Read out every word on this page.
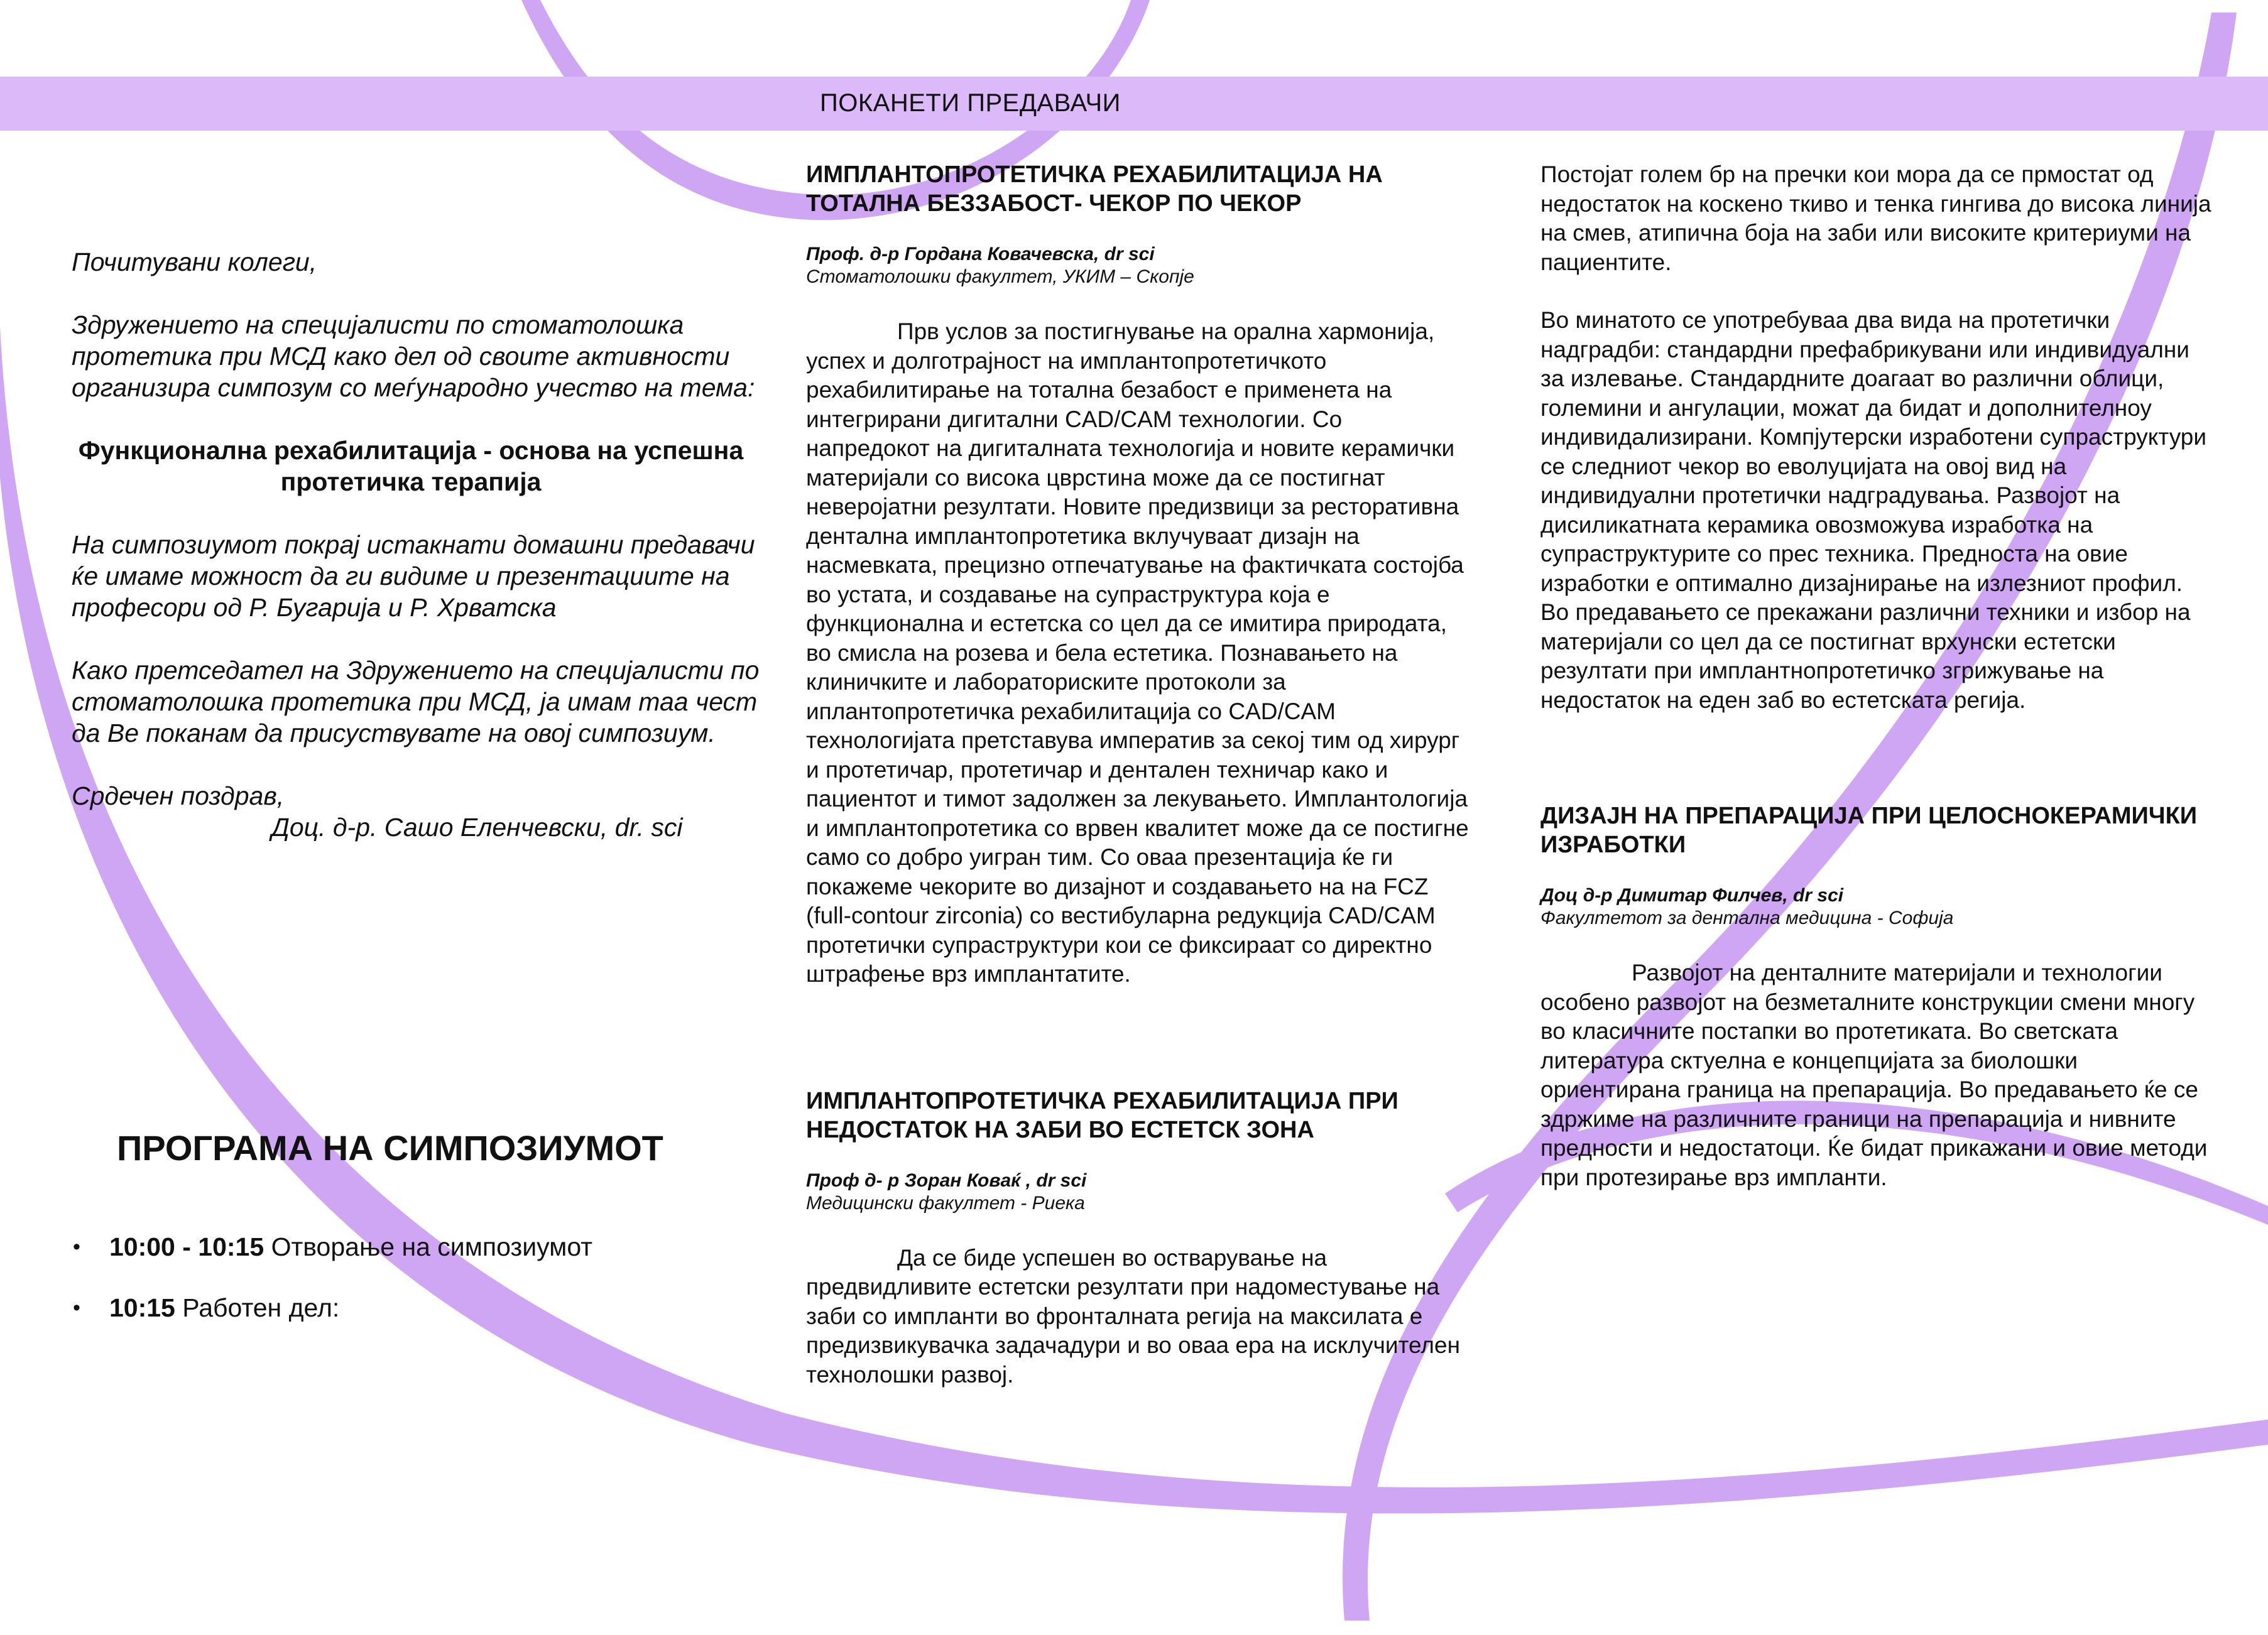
ПОКАНЕТИ ПРЕДАВАЧИ

Почитувани колеги,

Здружението на специјалисти по стоматолошка протетика при МСД како дел од своите активности организира симпозум со меѓународно учество на тема:

Функционална рехабилитација - основа на успешна протетичка терапија

На симпозиумот покрај истакнати домашни предавачи ќе имаме можност да ги видиме и презентациите на професори од Р. Бугарија и Р. Хрватска

Како претседател на Здружението на специјалисти по стоматолошка протетика при МСД, ја имам таа чест да Ве поканам да присуствувате на овој симпозиум.

Срдечен поздрав,
Доц. д-р. Сашо Еленчевски, dr. sci
ПРОГРАМА НА СИМПОЗИУМОТ
• 10:00 - 10:15 Отворање на симпозиумот
• 10:15 Работен дел:

ИМПЛАНТОПРОТЕТИЧКА РЕХАБИЛИТАЦИЈА НА ТОТАЛНА БЕЗЗАБОСТ- ЧЕКОР ПО ЧЕКОР

Проф. д-р Гордана Ковачевска, dr sci

Стоматолошки факултет, УКИМ – Скопје

Прв услов за постигнување на орална хармонија, успех и долготрајност на имплантопротетичкото рехабилитирање на тотална безабост е применета на интегрирани дигитални CAD/CAM технологии. Со напредокот на дигиталната технологија и новите керамички материјали со висока цврстина може да се постигнат неверојатни резултати. Новите предизвици за ресторативна дентална имплантопротетика вклучуваат дизајн на насмевката, прецизно отпечатување на фактичката состојба во устата, и создавање на супраструктура која е функционална и естетска со цел да се имитира природата, во смисла на розева и бела естетика. Познавањето на клиничките и лабораториските протоколи за иплантопротетичка рехабилитација со CAD/CAM технологијата претставува императив за секој тим од хирург и протетичар, протетичар и дентален техничар како и пациентот и тимот задолжен за лекувањето. Имплантологија и имплантопротетика со врвен квалитет може да се постигне само со добро уигран тим. Со оваа презентација ќе ги покажеме чекорите во дизајнот и создавањето на на FCZ (full-contour zirconia) со вестибуларна редукција CAD/CAM протетички супраструктури кои се фиксираат со директно штрафење врз имплантатите.

ИМПЛАНТОПРОТЕТИЧКА РЕХАБИЛИТАЦИЈА ПРИ НЕДОСТАТОК НА ЗАБИ ВО ЕСТЕТСК ЗОНА

Проф д- р Зоран Ковaќ , dr sci

Медицински факултет - Риека

Да се биде успешен во остварување на предвидливите естетски резултати при надоместување на заби со импланти во фронталната регија на максилата е предизвикувачка задачадури и во оваа ера на исклучителен технолошки развој.

Постојат голем бр на пречки кои мора да се прмостат од недостаток на коскено ткиво и тенка гингива до висока линија на смев, атипична боја на заби или високите критериуми на пациентите.

Во минатото се употребуваа два вида на протетички надградби: стандардни префабрикувани или индивидуални за излевање. Стандардните доагаат во различни облици, големини и ангулации, можат да бидат и дополнителноу индивидализирани. Компјутерски изработени супраструктури се следниот чекор во еволуцијата на овој вид на индивидуални протетички надградувања. Развојот на дисиликатната керамика овозможува изработка на супраструктурите со прес техника. Предноста на овие изработки е оптимално дизајнирање на излезниот профил.

Во предавањето се прекажани различни техники и избор на материјали со цел да се постигнат врхунски естетски резултати при имплантнопротетичко згрижување на недостаток на еден заб во естетската регија.

ДИЗАЈН НА ПРЕПАРАЦИЈА ПРИ ЦЕЛОСНОКЕРАМИЧКИ ИЗРАБОТКИ

Доц д-р Димитар Филчев, dr sci

Факултетот за дентална медицина - Софија

Развојот на денталните материјали и технологии особено развојот на безметалните конструкции смени многу во класичните постапки во протетиката. Во светската литература сктуелна е концепцијата за биолошки ориентирана граница на препарација. Во предавањето ќе се здржиме на различните граници на препарација и нивните предности и недостатоци. Ќе бидат прикажани и овие методи при протезирање врз импланти.
